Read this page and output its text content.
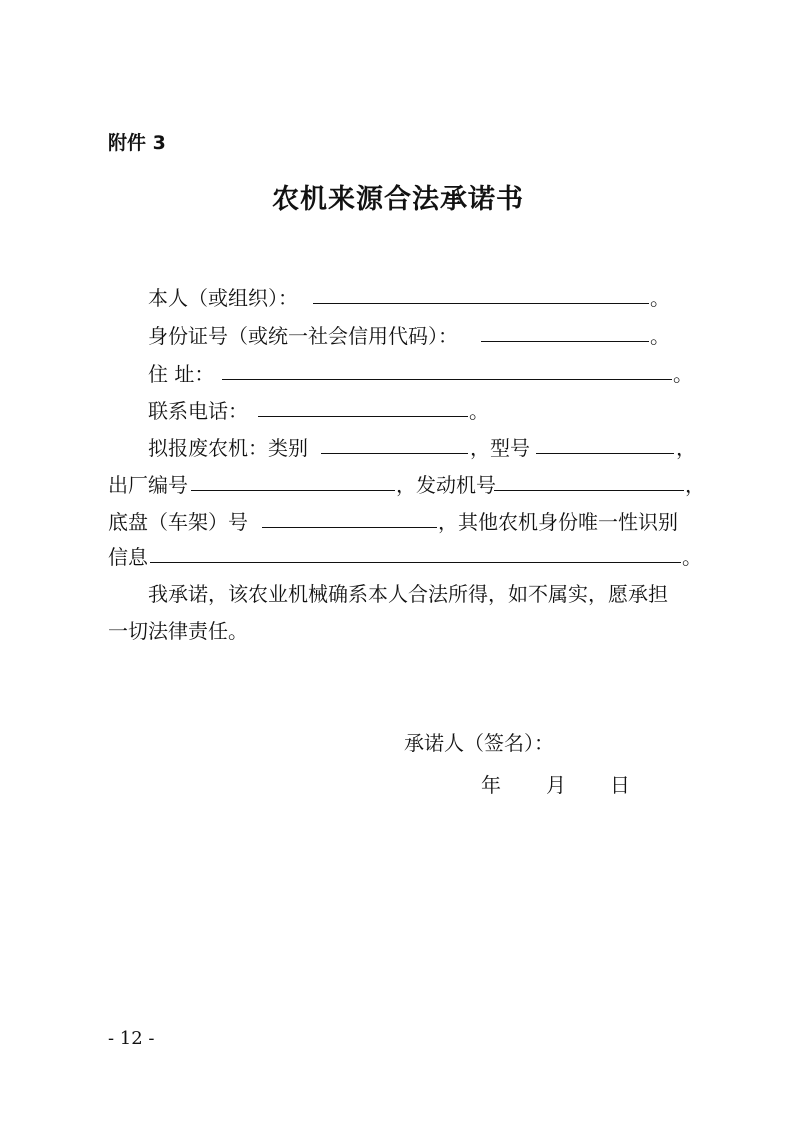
附件 3
农机来源合法承诺书
本人（或组织）：	。
身份证号（或统一社会信用代码）：	。
住 址：	。
联系电话：	。
拟报废农机：类别	，型号	，
出厂编号	，发动机号	，
底盘（车架）号	，其他农机身份唯一性识别
信息	。
我承诺，该农业机械确系本人合法所得，如不属实，愿承担
一切法律责任。
承诺人（签名）：
年 月 日
- 12 -
